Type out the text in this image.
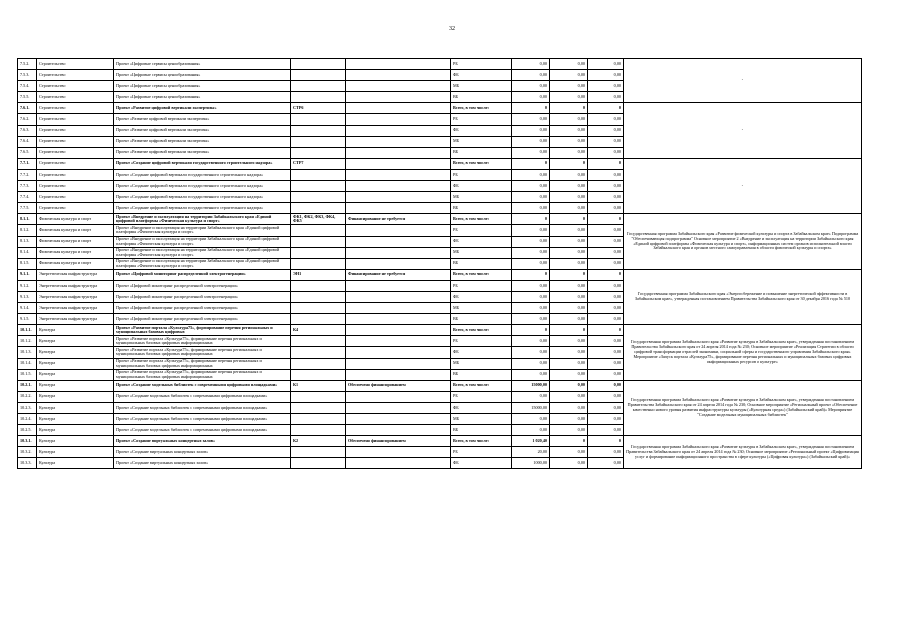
32
7.5.2.	Строительство	Проект «Цифровые сервисы ценообразования»			РБ	0,00	0,00	0,00	-
7.5.3.	Строительство	Проект «Цифровые сервисы ценообразования»			ФБ	0,00	0,00	0,00	
7.5.4.	Строительство	Проект «Цифровые сервисы ценообразования»			МБ	0,00	0,00	0,00	
7.5.5.	Строительство	Проект «Цифровые сервисы ценообразования»			ВБ	0,00	0,00	0,00	
7.6.1.	Строительство	Проект «Развитие цифровой вертикали экспертизы»	СТР6		Всего, в том числе:	0	0	0	-
7.6.2.	Строительство	Проект «Развитие цифровой вертикали экспертизы»			РБ	0,00	0,00	0,00	
7.6.3.	Строительство	Проект «Развитие цифровой вертикали экспертизы»			ФБ	0,00	0,00	0,00	
7.6.4.	Строительство	Проект «Развитие цифровой вертикали экспертизы»			МБ	0,00	0,00	0,00	
7.6.5.	Строительство	Проект «Развитие цифровой вертикали экспертизы»			ВБ	0,00	0,00	0,00	
7.7.1.	Строительство	Проект «Создание цифровой вертикали государственного строительного надзора»	СТР7		Всего, в том числе:	0	0	0	-
7.7.2.	Строительство	Проект «Создание цифровой вертикали государственного строительного надзора»			РБ	0,00	0,00	0,00	
7.7.3.	Строительство	Проект «Создание цифровой вертикали государственного строительного надзора»			ФБ	0,00	0,00	0,00	
7.7.4.	Строительство	Проект «Создание цифровой вертикали государственного строительного надзора»			МБ	0,00	0,00	0,00	
7.7.5.	Строительство	Проект «Создание цифровой вертикали государственного строительного надзора»			ВБ	0,00	0,00	0,00	
8.1.1.	Физическая культура и спорт	Проект «Внедрение и эксплуатация на территории Забайкальского края «Единой цифровой платформы «Физическая культура и спорт»	ФК1, ФК2, ФК3, ФК4, ФК5	Финансирование не требуется	Всего, в том числе:	0	0	0	Государственная программа Забайкальского края «Развитие физической культуры и спорта в Забайкальском крае» Подпрограмма "Обеспечивающая подпрограмма" Основное мероприятие 2 «Внедрение и эксплуатация на территории Забайкальского края «Единой цифровой платформы «Физическая культура и спорт», информационных систем органов исполнительной власти Забайкальского края и органов местного самоуправления в области физической культуры и спорта»
8.1.2.	Физическая культура и спорт	Проект «Внедрение и эксплуатация на территории Забайкальского края «Единой цифровой платформы «Физическая культура и спорт»			РБ	0,00	0,00	0,00	
8.1.3.	Физическая культура и спорт	Проект «Внедрение и эксплуатация на территории Забайкальского края «Единой цифровой платформы «Физическая культура и спорт»			ФБ	0,00	0,00	0,00	
8.1.4.	Физическая культура и спорт	Проект «Внедрение и эксплуатация на территории Забайкальского края «Единой цифровой платформы «Физическая культура и спорт»			МБ	0,00	0,00	0,00	
8.1.5.	Физическая культура и спорт	Проект «Внедрение и эксплуатация на территории Забайкальского края «Единой цифровой платформы «Физическая культура и спорт»			ВБ	0,00	0,00	0,00	
9.1.1.	Энергетическая инфраструктура	Проект «Цифровой мониторинг распределенной электрогенерации»	ЭН1	Финансирование не требуется	Всего, в том числе:	0	0	0	Государственная программа Забайкальского края «Энергосбережение и повышение энергетической эффективности в Забайкальском крае», утвержденная постановлением Правительства Забайкальского края от 30 декабря 2016 года № 510
9.1.2.	Энергетическая инфраструктура	Проект «Цифровой мониторинг распределенной электрогенерации»			РБ	0,00	0,00	0,00	
9.1.3.	Энергетическая инфраструктура	Проект «Цифровой мониторинг распределенной электрогенерации»			ФБ	0,00	0,00	0,00	
9.1.4.	Энергетическая инфраструктура	Проект «Цифровой мониторинг распределенной электрогенерации»			МБ	0,00	0,00	0,00	
9.1.5.	Энергетическая инфраструктура	Проект «Цифровой мониторинг распределенной электрогенерации»			ВБ	0,00	0,00	0,00	
10.1.1.	Культура	Проект «Развитие портала «Культура75», формирование перечня региональных и муниципальных базовых цифровых	К4		Всего, в том числе:	0	0	0	Государственная программа Забайкальского края «Развитие культуры в Забайкальском крае», утвержденная постановлением Правительства Забайкальского края от 24 апреля 2014 года № 230; Основное мероприятие «Реализация Стратегии в области цифровой трансформации отраслей экономики, социальной сферы и государственного управления Забайкальского края» Мероприятие «Запуск портала «Культура75», формирование перечня региональных и муниципальных базовых цифровых информационных ресурсов о культуре»
10.1.2.	Культура	Проект «Развитие портала «Культура75», формирование перечня региональных и муниципальных базовых цифровых информационных			РБ	0,00	0,00	0,00	
10.1.3.	Культура	Проект «Развитие портала «Культура75», формирование перечня региональных и муниципальных базовых цифровых информационных			ФБ	0,00	0,00	0,00	
10.1.4.	Культура	Проект «Развитие портала «Культура75», формирование перечня региональных и муниципальных базовых цифровых информационных			МБ	0,00	0,00	0,00	
10.1.5.	Культура	Проект «Развитие портала «Культура75», формирование перечня региональных и муниципальных базовых цифровых информационных			ВБ	0,00	0,00	0,00	
10.2.1.	Культура	Проект «Создание модельных библиотек с современными цифровыми площадками»	К1	Обеспечено финансированием	Всего, в том числе:	15000,00	0,00	0,00	Государственная программа Забайкальского края «Развитие культуры в Забайкальском крае», утвержденная постановлением Правительства Забайкальского края от 24 апреля 2014 года № 230; Основное мероприятие «Региональный проект «Обеспечение качественно нового уровня развития инфраструктуры культуры («Культурная среда») (Забайкальский край)» Мероприятие "Создание модельных муниципальных библиотек"
10.2.2.	Культура	Проект «Создание модельных библиотек с современными цифровыми площадками»			РБ	0,00	0,00	0,00	
10.2.3.	Культура	Проект «Создание модельных библиотек с современными цифровыми площадками»			ФБ	15000,00	0,00	0,00	
10.2.4.	Культура	Проект «Создание модельных библиотек с современными цифровыми площадками»			МБ	0,00	0,00	0,00	
10.2.5.	Культура	Проект «Создание модельных библиотек с современными цифровыми площадками»			ВБ	0,00	0,00	0,00	
10.3.1.	Культура	Проект «Создание виртуальных концертных залов»	К2	Обеспечено финансированием	Всего, в том числе:	1 020,40	0	0	Государственная программа Забайкальского края «Развитие культуры в Забайкальском крае», утвержденная постановлением Правительства Забайкальского края от 24 апреля 2014 года № 230; Основное мероприятие «Региональный проект «Цифровизация услуг и формирование информационного пространства в сфере культуры («Цифровая культура») (Забайкальский край)»
10.3.2.	Культура	Проект «Создание виртуальных концертных залов»			РБ	20,00	0,00	0,00	
10.3.3.	Культура	Проект «Создание виртуальных концертных залов»			ФБ	1000,00	0,00	0,00	
